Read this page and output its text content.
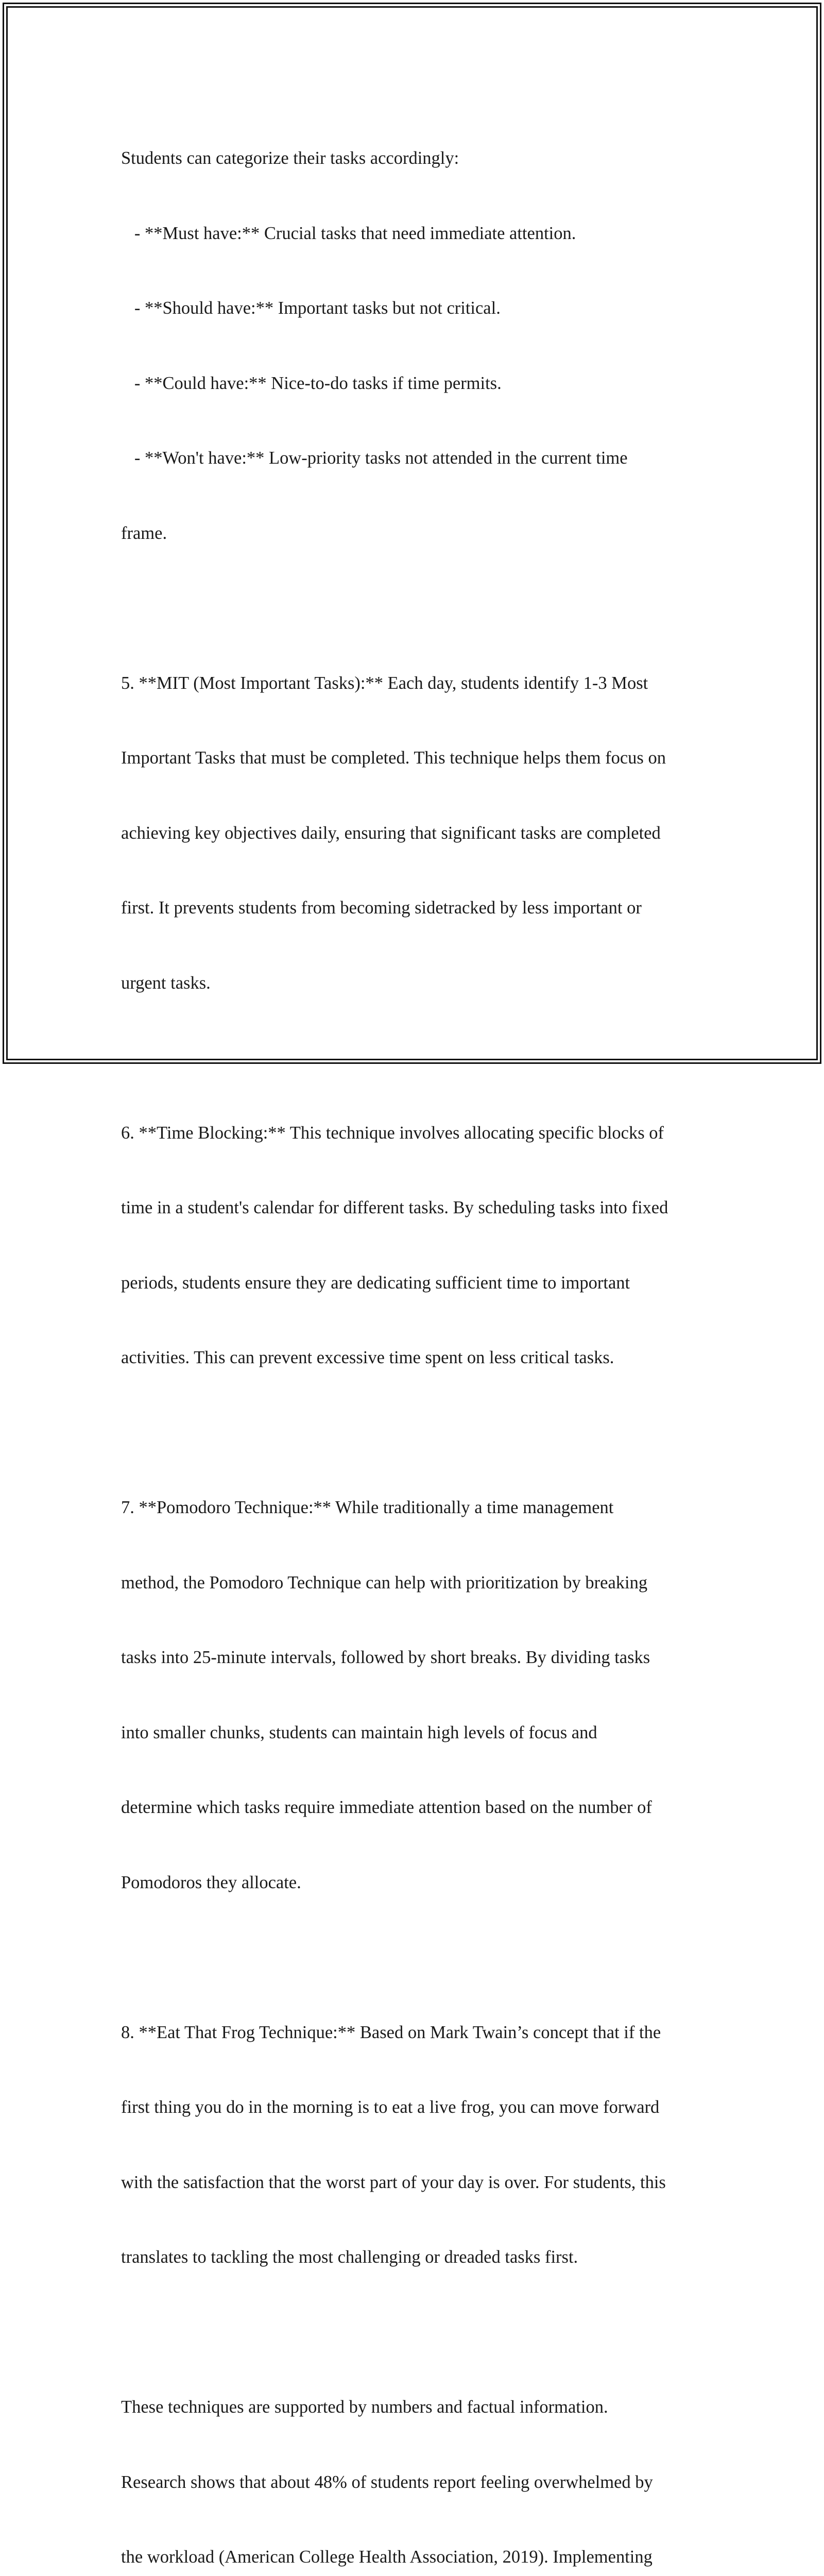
Students can categorize their tasks accordingly:

- **Must have:** Crucial tasks that need immediate attention.

- **Should have:** Important tasks but not critical.

- **Could have:** Nice-to-do tasks if time permits.

- **Won't have:** Low-priority tasks not attended in the current time

frame.

5. **MIT (Most Important Tasks):** Each day, students identify 1-3 Most

Important Tasks that must be completed. This technique helps them focus on

achieving key objectives daily, ensuring that significant tasks are completed

first. It prevents students from becoming sidetracked by less important or

urgent tasks.

6. **Time Blocking:** This technique involves allocating specific blocks of

time in a student's calendar for different tasks. By scheduling tasks into fixed

periods, students ensure they are dedicating sufficient time to important

activities. This can prevent excessive time spent on less critical tasks.

7. **Pomodoro Technique:** While traditionally a time management

method, the Pomodoro Technique can help with prioritization by breaking

tasks into 25-minute intervals, followed by short breaks. By dividing tasks

into smaller chunks, students can maintain high levels of focus and

determine which tasks require immediate attention based on the number of

Pomodoros they allocate.

8. **Eat That Frog Technique:** Based on Mark Twain’s concept that if the

first thing you do in the morning is to eat a live frog, you can move forward

with the satisfaction that the worst part of your day is over. For students, this

translates to tackling the most challenging or dreaded tasks first.

These techniques are supported by numbers and factual information.

Research shows that about 48% of students report feeling overwhelmed by

the workload (American College Health Association, 2019). Implementing
